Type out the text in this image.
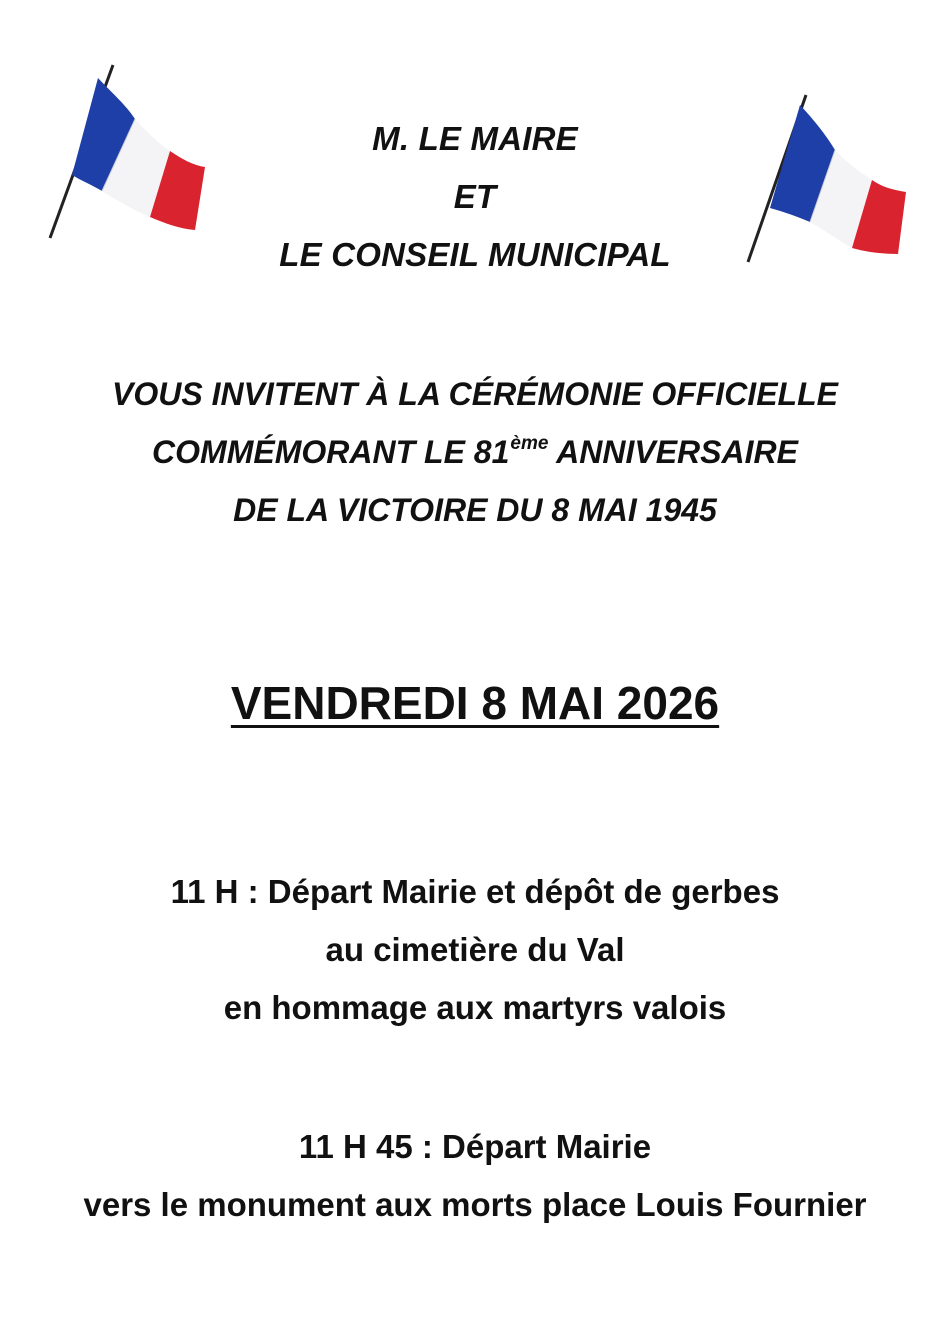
M. LE MAIRE
ET
LE CONSEIL MUNICIPAL
VOUS INVITENT À LA CÉRÉMONIE OFFICIELLE
COMMÉMORANT LE 81ème ANNIVERSAIRE
DE LA VICTOIRE DU 8 MAI 1945
VENDREDI 8 MAI 2026
11 H : Départ Mairie et dépôt de gerbes
au cimetière du Val
en hommage aux martyrs valois
11 H 45 : Départ Mairie
vers le monument aux morts place Louis Fournier
